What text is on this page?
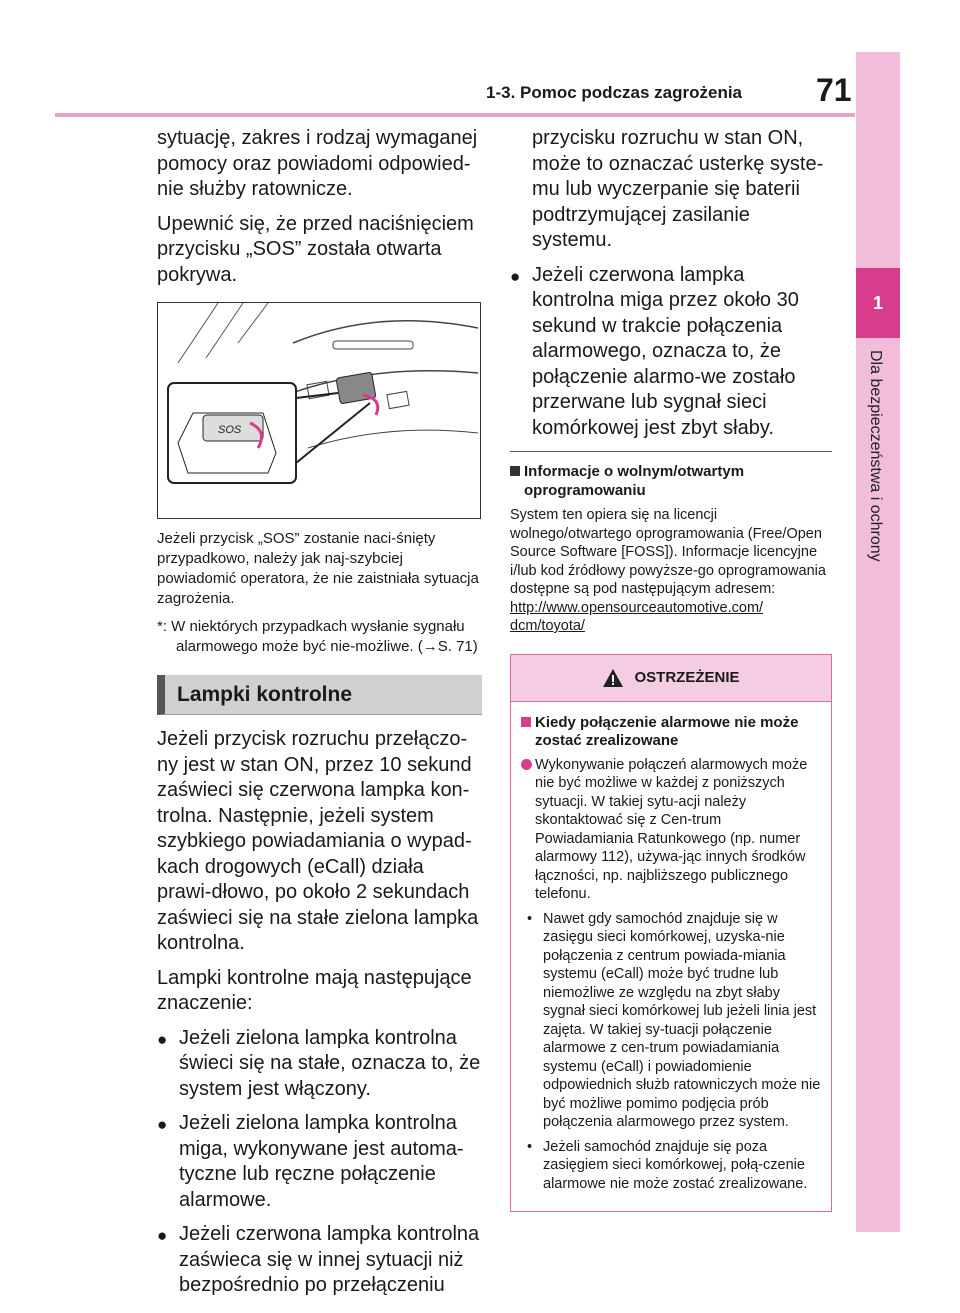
1-3. Pomoc podczas zagrożenia 71
1
Dla bezpieczeństwa i ochrony

sytuację, zakres i rodzaj wymaganej pomocy oraz powiadomi odpowied-nie służby ratownicze.

Upewnić się, że przed naciśnięciem przycisku „SOS” została otwarta pokrywa.

SOS

Jeżeli przycisk „SOS” zostanie naci-śnięty przypadkowo, należy jak naj-szybciej powiadomić operatora, że nie zaistniała sytuacja zagrożenia.

*: W niektórych przypadkach wysłanie sygnału alarmowego może być nie-możliwe. (→S. 71)

Lampki kontrolne

Jeżeli przycisk rozruchu przełączo-ny jest w stan ON, przez 10 sekund zaświeci się czerwona lampka kon-trolna. Następnie, jeżeli system szybkiego powiadamiania o wypad-kach drogowych (eCall) działa prawi-dłowo, po około 2 sekundach zaświeci się na stałe zielona lampka kontrolna.

Lampki kontrolne mają następujące znaczenie:

● Jeżeli zielona lampka kontrolna świeci się na stałe, oznacza to, że system jest włączony.
● Jeżeli zielona lampka kontrolna miga, wykonywane jest automa-tyczne lub ręczne połączenie alarmowe.
● Jeżeli czerwona lampka kontrolna zaświeca się w innej sytuacji niż bezpośrednio po przełączeniu

przycisku rozruchu w stan ON, może to oznaczać usterkę syste-mu lub wyczerpanie się baterii podtrzymującej zasilanie systemu.

● Jeżeli czerwona lampka kontrolna miga przez około 30 sekund w trakcie połączenia alarmowego, oznacza to, że połączenie alarmo-we zostało przerwane lub sygnał sieci komórkowej jest zbyt słaby.
Informacje o wolnym/otwartym oprogramowaniu

System ten opiera się na licencji wolnego/otwartego oprogramowania (Free/Open Source Software [FOSS]). Informacje licencyjne i/lub kod źródłowy powyższe-go oprogramowania dostępne są pod następującym adresem:

http://www.opensourceautomotive.com/
dcm/toyota/
OSTRZEŻENIE
Kiedy połączenie alarmowe nie może zostać zrealizowane
Wykonywanie połączeń alarmowych może nie być możliwe w każdej z poniższych sytuacji. W takiej sytu-acji należy skontaktować się z Cen-trum Powiadamiania Ratunkowego (np. numer alarmowy 112), używa-jąc innych środków łączności, np. najbliższego publicznego telefonu.
• Nawet gdy samochód znajduje się w zasięgu sieci komórkowej, uzyska-nie połączenia z centrum powiada-miania systemu (eCall) może być trudne lub niemożliwe ze względu na zbyt słaby sygnał sieci komórkowej lub jeżeli linia jest zajęta. W takiej sy-tuacji połączenie alarmowe z cen-trum powiadamiania systemu (eCall) i powiadomienie odpowiednich służb ratowniczych może nie być możliwe pomimo podjęcia prób połączenia alarmowego przez system.
• Jeżeli samochód znajduje się poza zasięgiem sieci komórkowej, połą-czenie alarmowe nie może zostać zrealizowane.
